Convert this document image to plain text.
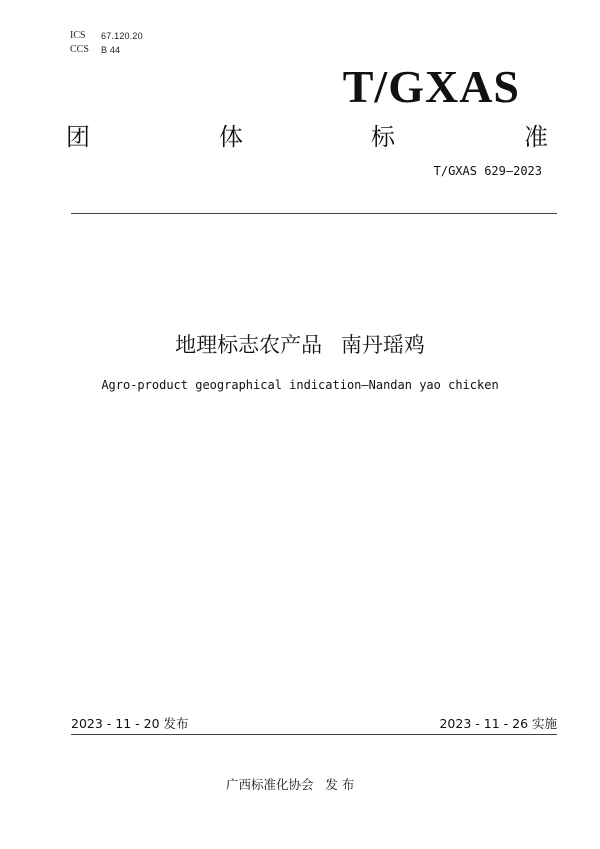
ICS 67.120.20
CCS B 44
T/GXAS
团	体	标	准
T/GXAS 629—2023
地理标志农产品 南丹瑶鸡
Agro-product geographical indication—Nandan yao chicken
2023 - 11 - 20 发布	2023 - 11 - 26 实施
广西标准化协会   发 布
